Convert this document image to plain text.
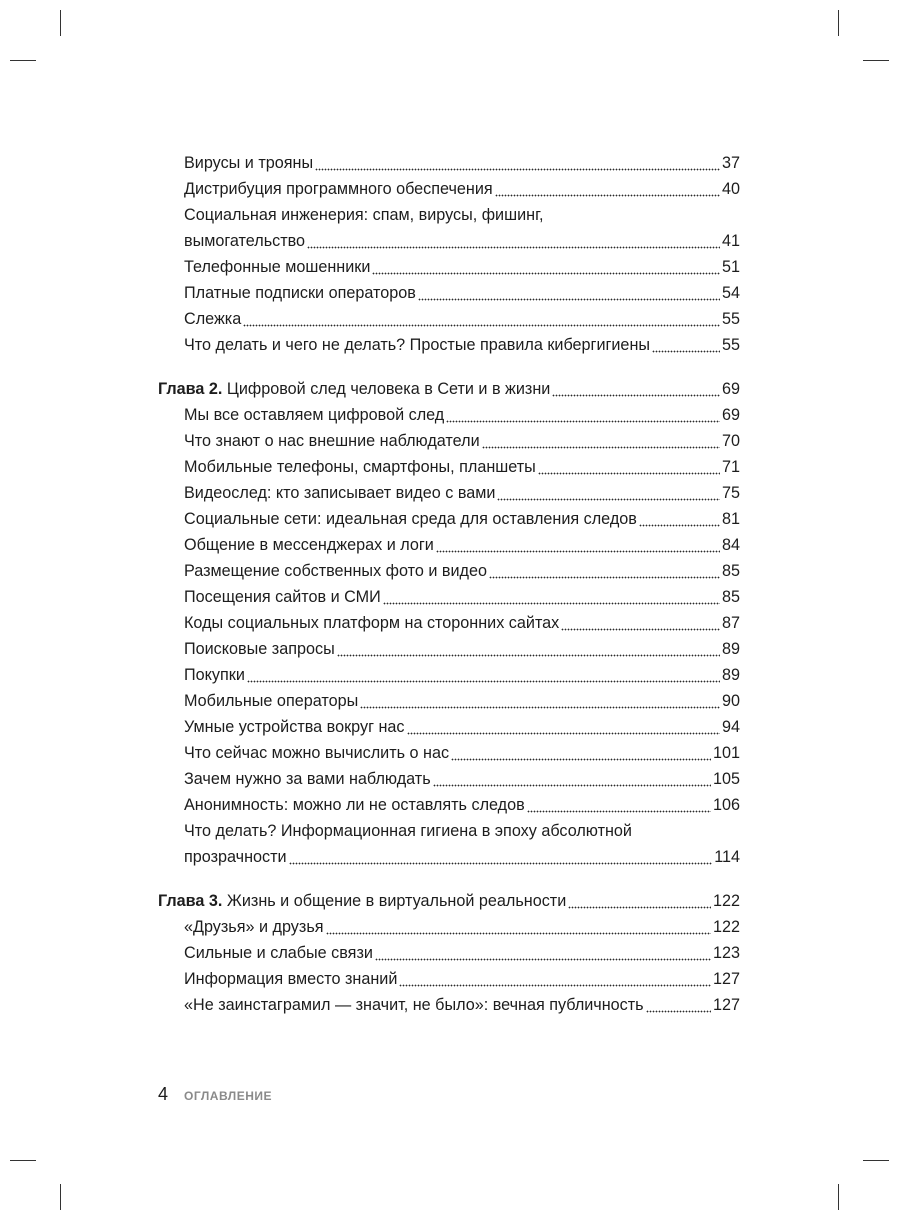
Вирусы и трояны	37
Дистрибуция программного обеспечения	40
Социальная инженерия: спам, вирусы, фишинг,
вымогательство	41
Телефонные мошенники	51
Платные подписки операторов	54
Слежка	55
Что делать и чего не делать? Простые правила кибергигиены	55
Глава 2. Цифровой след человека в Сети и в жизни	69
Мы все оставляем цифровой след	69
Что знают о нас внешние наблюдатели	70
Мобильные телефоны, смартфоны, планшеты	71
Видеослед: кто записывает видео с вами	75
Социальные сети: идеальная среда для оставления следов	81
Общение в мессенджерах и логи	84
Размещение собственных фото и видео	85
Посещения сайтов и СМИ	85
Коды социальных платформ на сторонних сайтах	87
Поисковые запросы	89
Покупки	89
Мобильные операторы	90
Умные устройства вокруг нас	94
Что сейчас можно вычислить о нас	101
Зачем нужно за вами наблюдать	105
Анонимность: можно ли не оставлять следов	106
Что делать? Информационная гигиена в эпоху абсолютной
прозрачности	114
Глава 3. Жизнь и общение в виртуальной реальности	122
«Друзья» и друзья	122
Сильные и слабые связи	123
Информация вместо знаний	127
«Не заинстаграмил — значит, не было»: вечная публичность	127
4 ОГЛАВЛЕНИЕ
